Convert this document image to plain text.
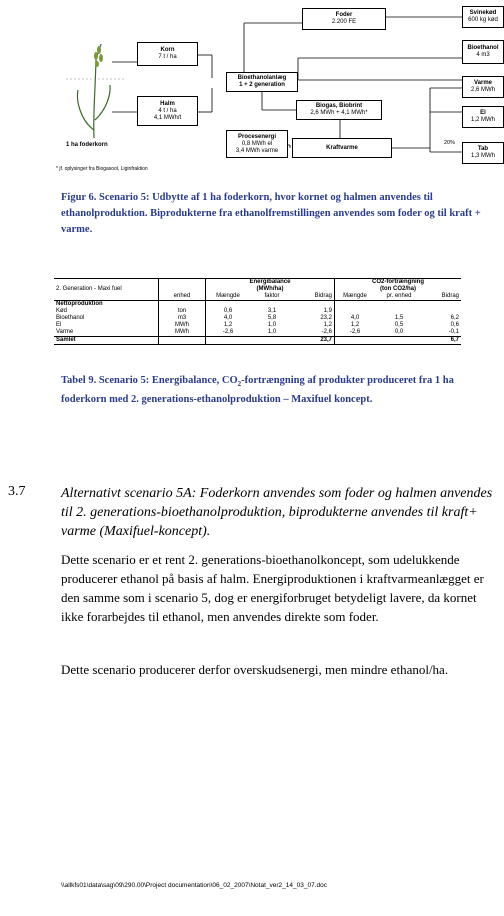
1 ha foderkorn
* jf. oplysinger fra Biogasool, Liginfraktion
Korn
7 t / ha
Halm
4 t / ha
4,1 MWh/t
Bioethanolanlæg
1 + 2 generation
Procesenergi
0,8 MWh el
3,4 MWh varme
Foder
2.200 FE
Biogas, Biobrint
2,6 MWh + 4,1 MWh*
Kraftvarme
Svinekød
600 kg kød
Bioethanol
4 m3
Varme
2,6 MWh
El
1,2 MWh
Tab
1,3 MWh
20%
Figur 6. Scenario 5: Udbytte af 1 ha foderkorn, hvor kornet og halmen anvendes til ethanolproduktion. Biprodukterne fra ethanolfremstillingen anvendes som foder og til kraft + varme.
2. Generation - Maxi fuel		Energibalance			CO2-fortrængning		
		(MWh/ha)			(ton CO2/ha)		
	enhed	Mængde	faktor	Bidrag	Mængde	pr. enhed	Bidrag
Nettoproduktion							
Kød	ton	0,6	3,1	1,9			
Bioethanol	m3	4,0	5,8	23,2	4,0	1,5	6,2
El	MWh	1,2	1,0	1,2	1,2	0,5	0,6
Varme	MWh	-2,6	1,0	-2,6	-2,6	0,0	-0,1
Samlet				23,7			6,7
Tabel 9. Scenario 5: Energibalance, $CO_2$-fortrængning af produkter produceret fra 1 ha foderkorn med 2. generations-ethanolproduktion – Maxifuel koncept.
3.7	Alternativt scenario 5A: Foderkorn anvendes som foder og halmen anvendes til 2. generations-bioethanolproduktion, biprodukterne anvendes til kraft+ varme (Maxifuel-koncept).
Dette scenario er et rent 2. generations-bioethanolkoncept, som udelukkende producerer ethanol på basis af halm. Energiproduktionen i kraftvarmeanlægget er den samme som i scenario 5, dog er energiforbruget betydeligt lavere, da kornet ikke forarbejdes til ethanol, men anvendes direkte som foder.
Dette scenario producerer derfor overskudsenergi, men mindre ethanol/ha.
\\allkfs01\data\sag\09\290.00\Project documentation\06_02_2007\Notat_ver2_14_03_07.doc
